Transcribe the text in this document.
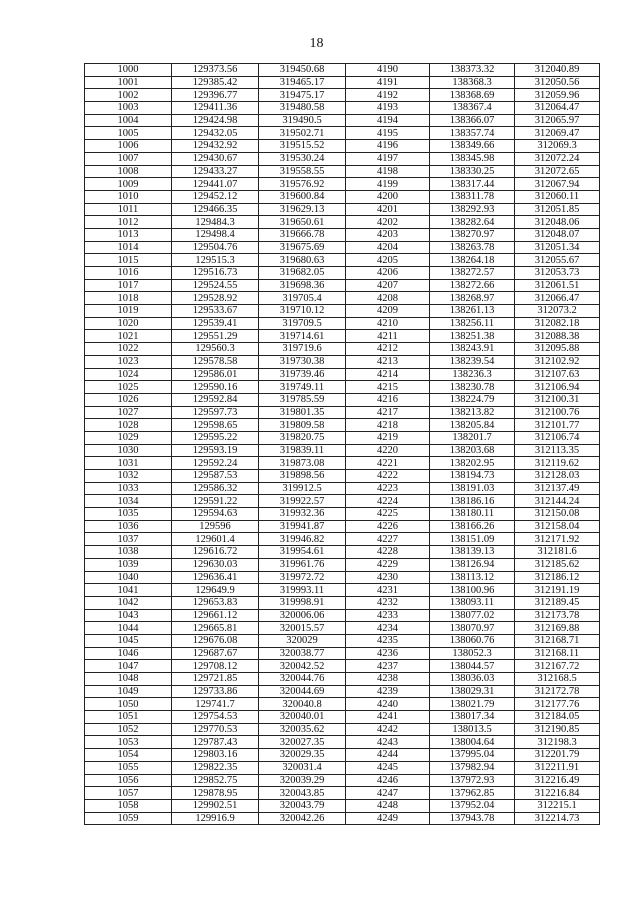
18
1000	129373.56	319450.68	4190	138373.32	312040.89
1001	129385.42	319465.17	4191	138368.3	312050.56
1002	129396.77	319475.17	4192	138368.69	312059.96
1003	129411.36	319480.58	4193	138367.4	312064.47
1004	129424.98	319490.5	4194	138366.07	312065.97
1005	129432.05	319502.71	4195	138357.74	312069.47
1006	129432.92	319515.52	4196	138349.66	312069.3
1007	129430.67	319530.24	4197	138345.98	312072.24
1008	129433.27	319558.55	4198	138330.25	312072.65
1009	129441.07	319576.92	4199	138317.44	312067.94
1010	129452.12	319600.84	4200	138311.78	312060.11
1011	129466.35	319629.13	4201	138292.93	312051.85
1012	129484.3	319650.61	4202	138282.64	312048.06
1013	129498.4	319666.78	4203	138270.97	312048.07
1014	129504.76	319675.69	4204	138263.78	312051.34
1015	129515.3	319680.63	4205	138264.18	312055.67
1016	129516.73	319682.05	4206	138272.57	312053.73
1017	129524.55	319698.36	4207	138272.66	312061.51
1018	129528.92	319705.4	4208	138268.97	312066.47
1019	129533.67	319710.12	4209	138261.13	312073.2
1020	129539.41	319709.5	4210	138256.11	312082.18
1021	129551.29	319714.61	4211	138251.38	312088.38
1022	129560.3	319719.6	4212	138243.91	312095.88
1023	129578.58	319730.38	4213	138239.54	312102.92
1024	129586.01	319739.46	4214	138236.3	312107.63
1025	129590.16	319749.11	4215	138230.78	312106.94
1026	129592.84	319785.59	4216	138224.79	312100.31
1027	129597.73	319801.35	4217	138213.82	312100.76
1028	129598.65	319809.58	4218	138205.84	312101.77
1029	129595.22	319820.75	4219	138201.7	312106.74
1030	129593.19	319839.11	4220	138203.68	312113.35
1031	129592.24	319873.08	4221	138202.95	312119.62
1032	129587.53	319898.56	4222	138194.73	312128.03
1033	129586.32	319912.5	4223	138191.03	312137.49
1034	129591.22	319922.57	4224	138186.16	312144.24
1035	129594.63	319932.36	4225	138180.11	312150.08
1036	129596	319941.87	4226	138166.26	312158.04
1037	129601.4	319946.82	4227	138151.09	312171.92
1038	129616.72	319954.61	4228	138139.13	312181.6
1039	129630.03	319961.76	4229	138126.94	312185.62
1040	129636.41	319972.72	4230	138113.12	312186.12
1041	129649.9	319993.11	4231	138100.96	312191.19
1042	129653.83	319998.91	4232	138093.11	312189.45
1043	129661.12	320006.06	4233	138077.02	312173.78
1044	129665.81	320015.57	4234	138070.97	312169.88
1045	129676.08	320029	4235	138060.76	312168.71
1046	129687.67	320038.77	4236	138052.3	312168.11
1047	129708.12	320042.52	4237	138044.57	312167.72
1048	129721.85	320044.76	4238	138036.03	312168.5
1049	129733.86	320044.69	4239	138029.31	312172.78
1050	129741.7	320040.8	4240	138021.79	312177.76
1051	129754.53	320040.01	4241	138017.34	312184.05
1052	129770.53	320035.62	4242	138013.5	312190.85
1053	129787.43	320027.35	4243	138004.64	312198.3
1054	129803.16	320029.35	4244	137995.04	312201.79
1055	129822.35	320031.4	4245	137982.94	312211.91
1056	129852.75	320039.29	4246	137972.93	312216.49
1057	129878.95	320043.85	4247	137962.85	312216.84
1058	129902.51	320043.79	4248	137952.04	312215.1
1059	129916.9	320042.26	4249	137943.78	312214.73
